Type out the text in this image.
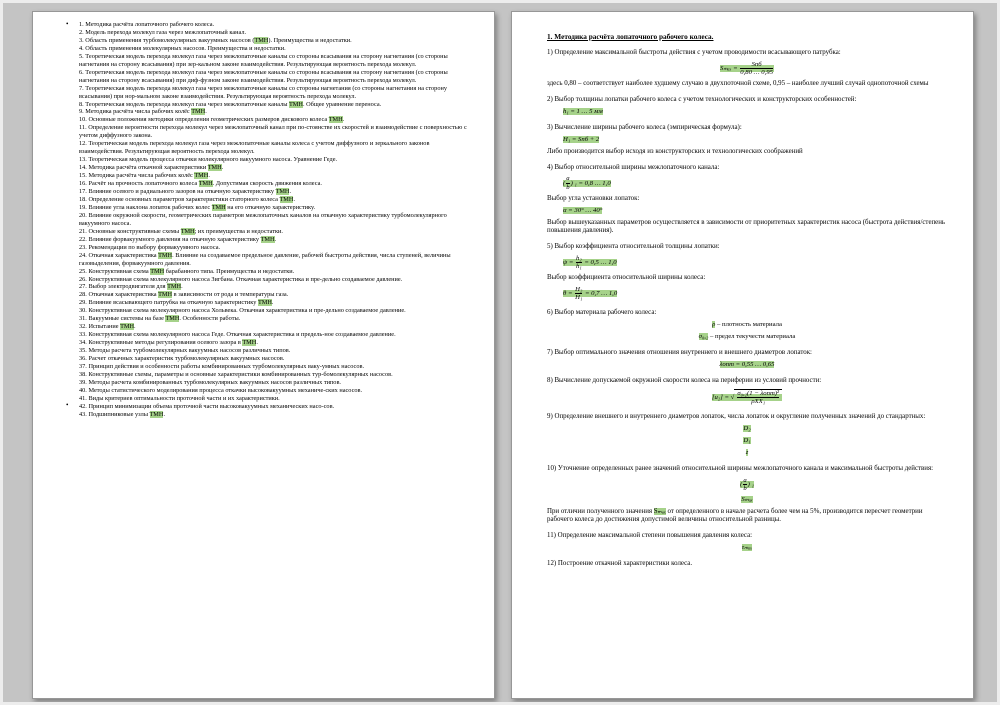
• 1. Методика расчёта лопаточного рабочего колеса.
2. Модель перехода молекул газа через межлопаточный канал.
3. Область применения турбомолекулярных вакуумных насосов (ТМН). Преимущества и недостатки.
4. Область применения молекулярных насосов. Преимущества и недостатки.
5. Теоретическая модель перехода молекул газа через межлопаточные каналы со стороны всасывания на сторону нагнетания (со стороны нагнетания на сторону всасывания) при зер-кальном законе взаимодействия. Результирующая вероятность перехода молекул.
6. Теоретическая модель перехода молекул газа через межлопаточные каналы со стороны всасывания на сторону нагнетания (со стороны нагнетания на сторону всасывания) при диф-фузном законе взаимодействия. Результирующая вероятность перехода молекул.
7. Теоретическая модель перехода молекул газа через межлопаточные каналы со стороны нагнетания (со стороны нагнетания на сторону всасывания) при нор-мальном законе взаимодействия. Результирующая вероятность перехода молекул.
8. Теоретическая модель перехода молекул газа через межлопаточные каналы ТМН. Общее уравнение переноса.
9. Методика расчёта числа рабочих колёс ТМН.
10. Основные положения методики определения геометрических размеров дискового колеса ТМН.
11. Определение вероятности перехода молекул через межлопаточный канал при по-стоянстве их скоростей и взаимодействие с поверхностью с учетом диффузного закона.
12. Теоретическая модель перехода молекул газа через межлопаточные каналы колеса с учетом диффузного и зеркального законов взаимодействия. Результирующая вероятность перехода молекул.
13. Теоретическая модель процесса откачки молекулярного вакуумного насоса. Уравнение Геде.
14. Методика расчёта откачной характеристики ТМН.
15. Методика расчёта числа рабочих колёс ТМН.
16. Расчёт на прочность лопаточного колеса ТМН. Допустимая скорость движения колеса.
17. Влияние осевого и радиального зазоров на откачную характеристику ТМН.
18. Определение основных параметров характеристики статорного колеса ТМН.
19. Влияние угла наклона лопаток рабочих колес ТМН на его откачную характеристику.
20. Влияние окружной скорости, геометрических параметров межлопаточных каналов на откачную характеристику турбомолекулярного вакуумного насоса.
21. Основные конструктивные схемы ТМН; их преимущества и недостатки.
22. Влияние форвакуумного давления на откачную характеристику ТМН.
23. Рекомендации по выбору форвакуумного насоса.
24. Откачная характеристика ТМН. Влияние на создаваемое предельное давление, рабочей быстроты действия, числа ступеней, величины газовыделения, форвакуумного давления.
25. Конструктивная схема ТМН барабанного типа. Преимущества и недостатки.
26. Конструктивная схема молекулярного насоса Зигбана. Откачная характеристика и пре-дельно создаваемое давление.
27. Выбор электродвигателя для ТМН.
28. Откачная характеристика ТМН в зависимости от рода и температуры газа.
29. Влияние всасывающего патрубка на откачную характеристику ТМН.
30. Конструктивная схема молекулярного насоса Хольвека. Откачная характеристика и пре-дельно создаваемое давление.
31. Вакуумные системы на базе ТМН. Особенности работы.
32. Испытание ТМН.
33. Конструктивная схема молекулярного насоса Геде. Откачная характеристика и предель-ное создаваемое давление.
34. Конструктивные методы регулирования осевого зазора в ТМН.
35. Методы расчета турбомолекулярных вакуумных насосов различных типов.
36. Расчет откачных характеристик турбомолекулярных вакуумных насосов.
37. Принцип действия и особенности работы комбинированных турбомолекулярных ваку-умных насосов.
38. Конструктивные схемы, параметры и основные характеристики комбинированных тур-бомолекулярных насосов.
39. Методы расчета комбинированных турбомолекулярных вакуумных насосов различных типов.
40. Методы статистического моделирования процесса откачки высоковакуумных механиче-ских насосов.
41. Виды критериев оптимальности проточной части и их характеристики.
• 42. Принцип минимизации объема проточной части высоковакуумных механических насо-сов.
43. Подшипниковые узлы ТМН.
1. Методика расчёта лопаточного рабочего колеса.
1) Определение максимальной быстроты действия с учетом проводимости всасывающего патрубка:
$S_{max} = \frac{\text{Sпб}}{0,80 \dots 0,95}$
здесь 0,80 – соответствует наиболее худшему случаю в двухпоточной схеме, 0,95 – наиболее лучший случай однопоточной схемы
2) Выбор толщины лопатки рабочего колеса с учетом технологических и конструкторских особенностей:
h₁ = 1 … 5 мм
3) Вычисление ширины рабочего колеса (эмпирическая формула):
H₁ = Sпб + 2
Либо производится выбор исходя из конструкторских и технологических соображений
4) Выбор относительной ширины межлопаточного канала:
( $\frac{a}{b}$ ) ₁ = 0,8 … 1,0
Выбор угла установки лопаток:
α = 30° … 40°
Выбор вышеуказанных параметров осуществляется в зависимости от приоритетных характеристик насоса (быстрота действия/степень повышения давления).
5) Выбор коэффициента относительной толщины лопатки:
$\psi = \frac{\text{h₂}}{\text{h₁}} = 0,5$ … 1,0
Выбор коэффициента относительной ширины колеса:
$\theta = \frac{\text{H₂}}{\text{H₁}} = 0,7$ … 1,0
6) Выбор материала рабочего колеса:
ρ – плотность материала
σ₀,₂ – предел текучести материала
7) Выбор оптимального значения отношения внутреннего и внешнего диаметров лопаток:
λопт = 0,55 … 0,65
8) Вычисление допускаемой окружной скорости колеса на периферии из условий прочности:
[u₂] = √ $\frac{\text{σ₀,₂(1 − λопт)²}}{\text{ρXX₁}}$
9) Определение внешнего и внутреннего диаметров лопаток, числа лопаток и округление полученных значений до стандартных:
D₂
D₁
z
10) Уточнение определенных ранее значений относительной ширины межлопаточного канала и максимальной быстроты действия:
( $\frac{a}{b}$ ) ₁
Sₘₐₓ
При отличии полученного значения Sₘₐₓ от определенного в начале расчета более чем на 5%, производится пересчет геометрии рабочего колеса до достижения допустимой величины относительной разницы.
11) Определение максимальной степени повышения давления колеса:
τₘₐₓ
12) Построение откачной характеристики колеса.
